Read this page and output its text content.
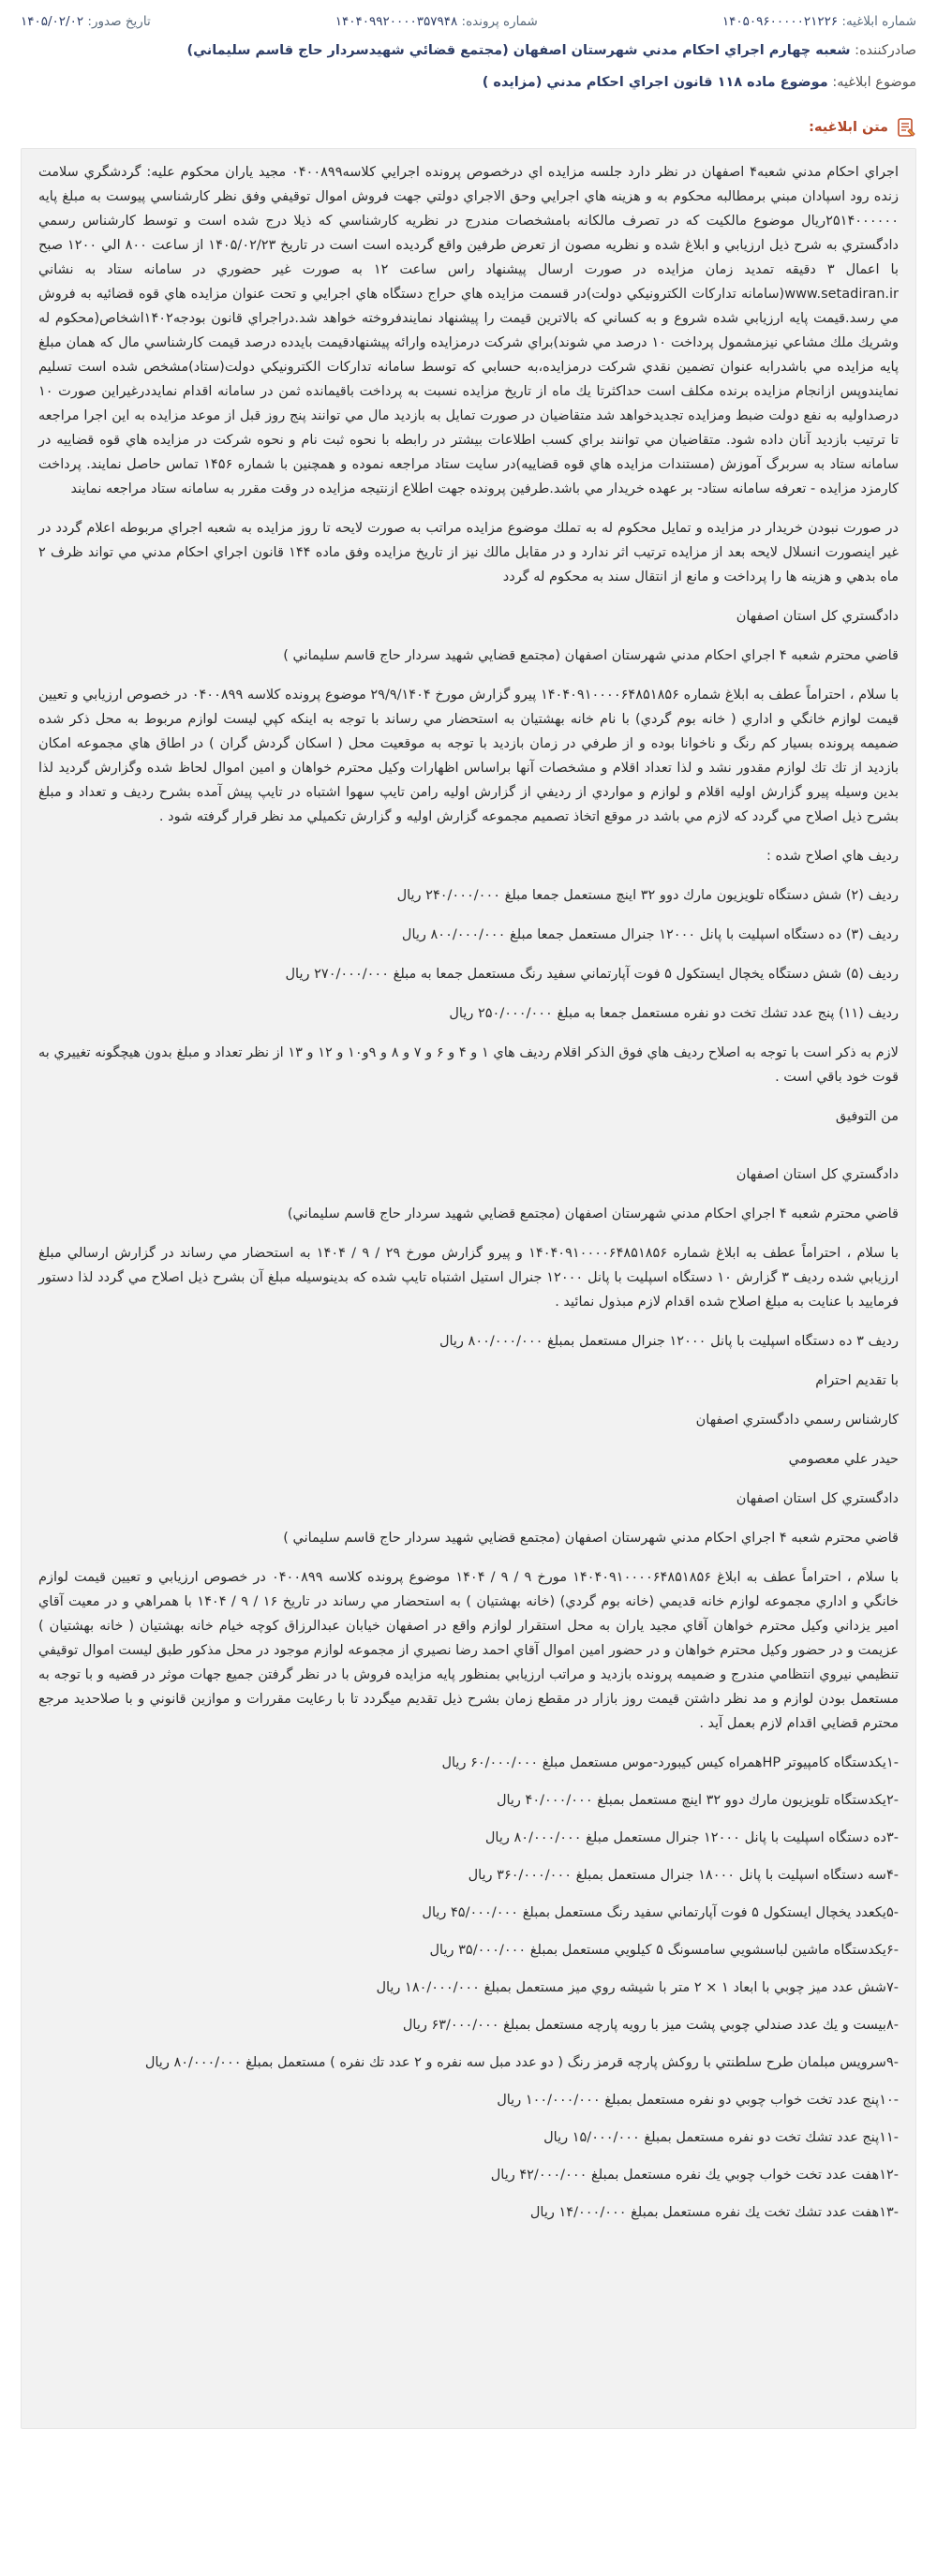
شماره ابلاغیه: ۱۴۰۵۰۹۶۰۰۰۰۰۲۱۲۲۶
شماره پرونده: ۱۴۰۴۰۹۹۲۰۰۰۰۳۵۷۹۴۸
تاریخ صدور: ۱۴۰۵/۰۲/۰۲
صادرکننده: شعبه چهارم اجراي احكام مدني شهرستان اصفهان (مجتمع قضائي شهيدسردار حاج قاسم سليماني)
موضوع ابلاغیه: موضوع ماده ۱۱۸ قانون اجراي احكام مدني (مزايده )
متن ابلاغیه:

اجراي احكام مدني شعبه۴ اصفهان در نظر دارد جلسه مزايده اي درخصوص پرونده اجرايي كلاسه۰۴۰۰۸۹۹ مجيد ياران محكوم عليه: گردشگري سلامت زنده رود اسپادان مبني برمطالبه محكوم به و هزينه هاي اجرايي وحق الاجراي دولتي جهت فروش اموال توقيفي وفق نظر كارشناسي پيوست به مبلغ پايه ۲۵۱۴۰۰۰۰۰۰ريال موضوع مالكيت كه در تصرف مالكانه بامشخصات مندرج در نظريه كارشناسي كه ذيلا درج شده است و توسط كارشناس رسمي دادگستري به شرح ذيل ارزيابي و ابلاغ شده و نظريه مصون از تعرض طرفين واقع گرديده است است در تاريخ ۱۴۰۵/۰۲/۲۳ از ساعت ۸۰۰ الي ۱۲۰۰ صبح با اعمال ۳ دقيقه تمديد زمان مزايده در صورت ارسال پيشنهاد راس ساعت ۱۲ به صورت غير حضوري در سامانه ستاد به نشاني www.setadiran.ir(سامانه تداركات الكترونيكي دولت)در قسمت مزايده هاي حراج دستگاه هاي اجرايي و تحت عنوان مزايده هاي قوه قضائيه به فروش مي رسد.قيمت پايه ارزيابي شده شروع و به كساني كه بالاترين قيمت را پيشنهاد نمايندفروخته خواهد شد.دراجراي قانون بودجه۱۴۰۲اشخاص(محكوم له وشريك ملك مشاعي نيزمشمول پرداخت ۱۰ درصد مي شوند)براي شركت درمزايده وارائه پيشنهادقيمت بايدده درصد قيمت كارشناسي مال كه همان مبلغ پايه مزايده مي باشدرابه عنوان تضمين نقدي شركت درمزايده،به حسابي كه توسط سامانه تداركات الكترونيكي دولت(ستاد)مشخص شده است تسليم نمايندوپس ازانجام مزايده برنده مكلف است حداكثرتا يك ماه از تاريخ مزايده نسبت به پرداخت باقيمانده ثمن در سامانه اقدام نمايددرغيراين صورت ۱۰ درصداوليه به نفع دولت ضبط ومزايده تجديدخواهد شد متقاضيان در صورت تمايل به بازديد مال مي توانند پنج روز قبل از موعد مزايده به اين اجرا مراجعه تا ترتيب بازديد آنان داده شود. متقاضيان مي توانند براي كسب اطلاعات بيشتر در رابطه با نحوه ثبت نام و نحوه شركت در مزايده هاي قوه قضاييه در سامانه ستاد به سربرگ آموزش (مستندات مزايده هاي قوه قضاييه)در سايت ستاد مراجعه نموده و همچنين با شماره ۱۴۵۶ تماس حاصل نمايند. پرداخت كارمزد مزايده - تعرفه سامانه ستاد- بر عهده خريدار مي باشد.طرفين پرونده جهت اطلاع ازنتيجه مزايده در وقت مقرر به سامانه ستاد مراجعه نمايند

در صورت نبودن خريدار در مزايده و تمايل محكوم له به تملك موضوع مزايده مراتب به صورت لايحه تا روز مزايده به شعبه اجراي مربوطه اعلام گردد در غير اينصورت انسلال لايحه بعد از مزايده ترتيب اثر ندارد و در مقابل مالك نيز از تاريخ مزايده وفق ماده ۱۴۴ قانون اجراي احكام مدني مي تواند ظرف ۲ ماه بدهي و هزينه ها را پرداخت و مانع از انتقال سند به محكوم له گردد

دادگستري كل استان اصفهان

قاضي محترم شعبه ۴ اجراي احكام مدني شهرستان اصفهان (مجتمع قضايي شهيد سردار حاج قاسم سليماني )

با سلام ، احتراماً عطف به ابلاغ شماره ۱۴۰۴۰۹۱۰۰۰۰۶۴۸۵۱۸۵۶ پيرو گزارش مورخ ۲۹/۹/۱۴۰۴ موضوع پرونده كلاسه ۰۴۰۰۸۹۹ در خصوص ارزيابي و تعيين قيمت لوازم خانگي و اداري ( خانه بوم گردي) با نام خانه بهشتيان به استحضار مي رساند با توجه به اينكه كپي ليست لوازم مربوط به محل ذكر شده ضميمه پرونده بسيار كم رنگ و ناخوانا بوده و از طرفي در زمان بازديد با توجه به موقعيت محل ( اسكان گردش گران ) در اطاق هاي مجموعه امكان بازديد از تك تك لوازم مقدور نشد و لذا تعداد اقلام و مشخصات آنها براساس اظهارات وكيل محترم خواهان و امين اموال لحاظ شده وگزارش گرديد لذا بدين وسيله پيرو گزارش اوليه اقلام و لوازم و مواردي از رديفي از گزارش اوليه رامن تايپ سهوا اشتباه در تايپ پيش آمده بشرح رديف و تعداد و مبلغ بشرح ذيل اصلاح مي گردد كه لازم مي باشد در موقع اتخاذ تصميم مجموعه گزارش اوليه و گزارش تكميلي مد نظر قرار گرفته شود .

رديف هاي اصلاح شده :

رديف (۲) شش دستگاه تلويزيون مارك دوو ۳۲ اينچ مستعمل جمعا مبلغ ۲۴۰/۰۰۰/۰۰۰ ريال

رديف (۳) ده دستگاه اسپليت با پانل ۱۲۰۰۰ جنرال مستعمل جمعا مبلغ ۸۰۰/۰۰۰/۰۰۰ ريال

رديف (۵) شش دستگاه يخچال ايستكول ۵ فوت آپارتماني سفيد رنگ مستعمل جمعا به مبلغ ۲۷۰/۰۰۰/۰۰۰ ريال

رديف (۱۱) پنج عدد تشك تخت دو نفره مستعمل جمعا به مبلغ ۲۵۰/۰۰۰/۰۰۰ ريال

لازم به ذكر است با توجه به اصلاح رديف هاي فوق الذكر اقلام رديف هاي ۱ و ۴ و ۶ و ۷ و ۸ و ۹و۱۰ و ۱۲ و ۱۳ از نظر تعداد و مبلغ بدون هيچگونه تغييري به قوت خود باقي است .

من التوفيق

دادگستري كل استان اصفهان

قاضي محترم شعبه ۴ اجراي احكام مدني شهرستان اصفهان (مجتمع قضايي شهيد سردار حاج قاسم سليماني)

با سلام ، احتراماً عطف به ابلاغ شماره ۱۴۰۴۰۹۱۰۰۰۰۶۴۸۵۱۸۵۶ و پيرو گزارش مورخ ۲۹ / ۹ / ۱۴۰۴ به استحضار مي رساند در گزارش ارسالي مبلغ ارزيابي شده رديف ۳ گزارش ۱۰ دستگاه اسپليت با پانل ۱۲۰۰۰ جنرال استيل اشتباه تايپ شده كه بدينوسيله مبلغ آن بشرح ذيل اصلاح مي گردد لذا دستور فرماييد با عنايت به مبلغ اصلاح شده اقدام لازم مبذول نمائيد .

رديف ۳ ده دستگاه اسپليت با پانل ۱۲۰۰۰ جنرال مستعمل بمبلغ ۸۰۰/۰۰۰/۰۰۰ ريال

با تقديم احترام

كارشناس رسمي دادگستري اصفهان

حيدر علي معصومي

دادگستري كل استان اصفهان

قاضي محترم شعبه ۴ اجراي احكام مدني شهرستان اصفهان (مجتمع قضايي شهيد سردار حاج قاسم سليماني )

با سلام ، احتراماً عطف به ابلاغ ۱۴۰۴۰۹۱۰۰۰۰۶۴۸۵۱۸۵۶ مورخ ۹ / ۹ / ۱۴۰۴ موضوع پرونده كلاسه ۰۴۰۰۸۹۹ در خصوص ارزيابي و تعيين قيمت لوازم خانگي و اداري مجموعه لوازم خانه قديمي (خانه بوم گردي) (خانه بهشتيان ) به استحضار مي رساند در تاريخ ۱۶ / ۹ / ۱۴۰۴ با همراهي و در معيت آقاي امير يزداني وكيل محترم خواهان آقاي مجيد ياران به محل استقرار لوازم واقع در اصفهان خيابان عبدالرزاق كوچه خيام خانه بهشتيان ( خانه بهشتيان ) عزيمت و در حضور وكيل محترم خواهان و در حضور امين اموال آقاي احمد رضا نصيري از مجموعه لوازم موجود در محل مذكور طبق ليست اموال توقيفي تنظيمي نيروي انتظامي مندرج و ضميمه پرونده بازديد و مراتب ارزيابي بمنظور پايه مزايده فروش با در نظر گرفتن جميع جهات موثر در قضيه و با توجه به مستعمل بودن لوازم و مد نظر داشتن قيمت روز بازار در مقطع زمان بشرح ذيل تقديم ميگردد تا با رعايت مقررات و موازين قانوني و با صلاحديد مرجع محترم قضايي اقدام لازم بعمل آيد .

-۱يكدستگاه كامپيوتر HPهمراه كيس كيبورد-موس مستعمل مبلغ ۶۰/۰۰۰/۰۰۰ ريال

-۲يكدستگاه تلويزيون مارك دوو ۳۲ اينچ مستعمل بمبلغ ۴۰/۰۰۰/۰۰۰ ريال

-۳ده دستگاه اسپليت با پانل ۱۲۰۰۰ جنرال مستعمل مبلغ ۸۰/۰۰۰/۰۰۰ ريال

-۴سه دستگاه اسپليت با پانل ۱۸۰۰۰ جنرال مستعمل بمبلغ ۳۶۰/۰۰۰/۰۰۰ ريال

-۵يكعدد يخچال ايستكول ۵ فوت آپارتماني سفيد رنگ مستعمل بمبلغ ۴۵/۰۰۰/۰۰۰ ريال

-۶يكدستگاه ماشين لباسشويي سامسونگ ۵ كيلويي مستعمل بمبلغ ۳۵/۰۰۰/۰۰۰ ريال

-۷شش عدد ميز چوبي با ابعاد ۱ × ۲ متر با شيشه روي ميز مستعمل بمبلغ ۱۸۰/۰۰۰/۰۰۰ ريال

-۸بيست و يك عدد صندلي چوبي پشت ميز با رويه پارچه مستعمل بمبلغ ۶۳/۰۰۰/۰۰۰ ريال

-۹سرويس مبلمان طرح سلطنتي با روكش پارچه قرمز رنگ ( دو عدد مبل سه نفره و ۲ عدد تك نفره ) مستعمل بمبلغ ۸۰/۰۰۰/۰۰۰ ريال

-۱۰پنج عدد تخت خواب چوبي دو نفره مستعمل بمبلغ ۱۰۰/۰۰۰/۰۰۰ ريال

-۱۱پنج عدد تشك تخت دو نفره مستعمل بمبلغ ۱۵/۰۰۰/۰۰۰ ريال

-۱۲هفت عدد تخت خواب چوبي يك نفره مستعمل بمبلغ ۴۲/۰۰۰/۰۰۰ ريال

-۱۳هفت عدد تشك تخت يك نفره مستعمل بمبلغ ۱۴/۰۰۰/۰۰۰ ريال
